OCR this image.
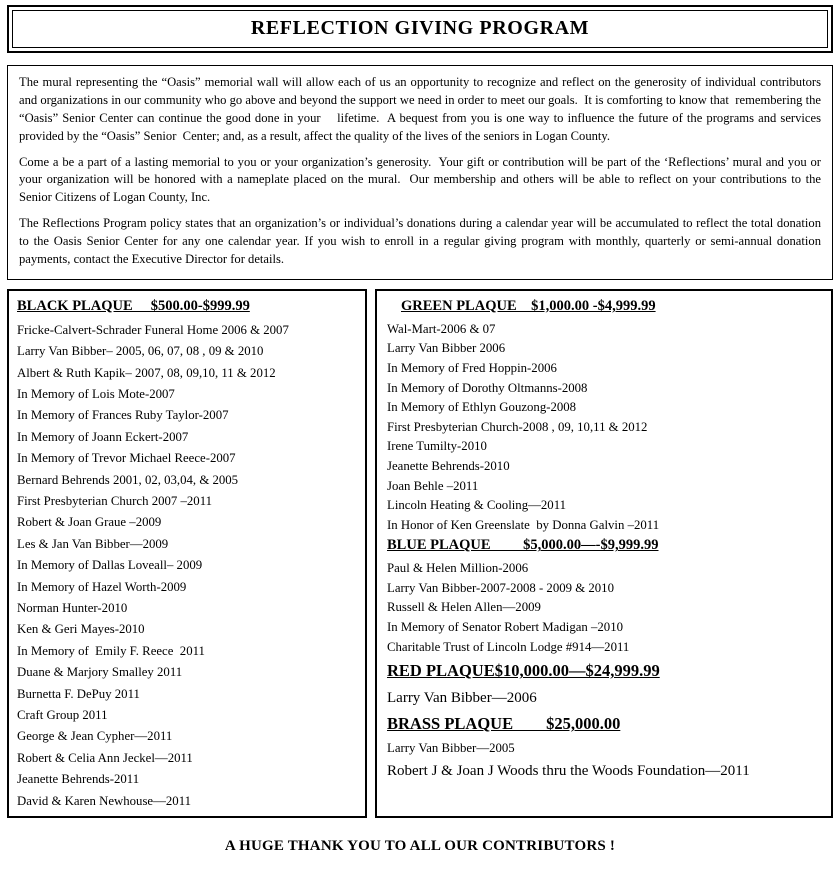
REFLECTION GIVING PROGRAM
The mural representing the “Oasis” memorial wall will allow each of us an opportunity to recognize and reflect on the generosity of individual contributors and organizations in our community who go above and beyond the support we need in order to meet our goals.  It is comforting to know that  remembering the “Oasis” Senior Center can continue the good done in your    lifetime.  A bequest from you is one way to influence the future of the programs and services provided by the “Oasis” Senior  Center; and, as a result, affect the quality of the lives of the seniors in Logan County.
Come a be a part of a lasting memorial to you or your organization’s generosity.  Your gift or contribution will be part of the ‘Reflections’ mural and you or your organization will be honored with a nameplate placed on the mural.  Our membership and others will be able to reflect on your contributions to the Senior Citizens of Logan County, Inc.
The Reflections Program policy states that an organization’s or individual’s donations during a calendar year will be accumulated to reflect the total donation to the Oasis Senior Center for any one calendar year. If you wish to enroll in a regular giving program with monthly, quarterly or semi-annual donation payments, contact the Executive Director for details.
BLACK PLAQUE     $500.00-$999.99
Fricke-Calvert-Schrader Funeral Home 2006 & 2007
Larry Van Bibber– 2005, 06, 07, 08 , 09 & 2010
Albert & Ruth Kapik– 2007, 08, 09,10, 11 & 2012
In Memory of Lois Mote-2007
In Memory of Frances Ruby Taylor-2007
In Memory of Joann Eckert-2007
In Memory of Trevor Michael Reece-2007
Bernard Behrends 2001, 02, 03,04, & 2005
First Presbyterian Church 2007 –2011
Robert & Joan Graue –2009
Les & Jan Van Bibber—2009
In Memory of Dallas Loveall– 2009
In Memory of Hazel Worth-2009
Norman Hunter-2010
Ken & Geri Mayes-2010
In Memory of  Emily F. Reece  2011
Duane & Marjory Smalley 2011
Burnetta F. DePuy 2011
Craft Group 2011
George & Jean Cypher—2011
Robert & Celia Ann Jeckel—2011
Jeanette Behrends-2011
David & Karen Newhouse—2011
GREEN PLAQUE    $1,000.00 -$4,999.99
Wal-Mart-2006 & 07
Larry Van Bibber 2006
In Memory of Fred Hoppin-2006
In Memory of Dorothy Oltmanns-2008
In Memory of Ethlyn Gouzong-2008
First Presbyterian Church-2008 , 09, 10,11 & 2012
Irene Tumilty-2010
Jeanette Behrends-2010
Joan Behle –2011
Lincoln Heating & Cooling—2011
In Honor of Ken Greenslate  by Donna Galvin –2011
BLUE PLAQUE         $5,000.00—-$9,999.99
Paul & Helen Million-2006
Larry Van Bibber-2007-2008 - 2009 & 2010
Russell & Helen Allen—2009
In Memory of Senator Robert Madigan –2010
Charitable Trust of Lincoln Lodge #914—2011
RED PLAQUE$10,000.00—$24,999.99
Larry Van Bibber—2006
BRASS PLAQUE        $25,000.00
Larry Van Bibber—2005
Robert J & Joan J Woods thru the Woods Foundation—2011
A HUGE THANK YOU TO ALL OUR CONTRIBUTORS !
